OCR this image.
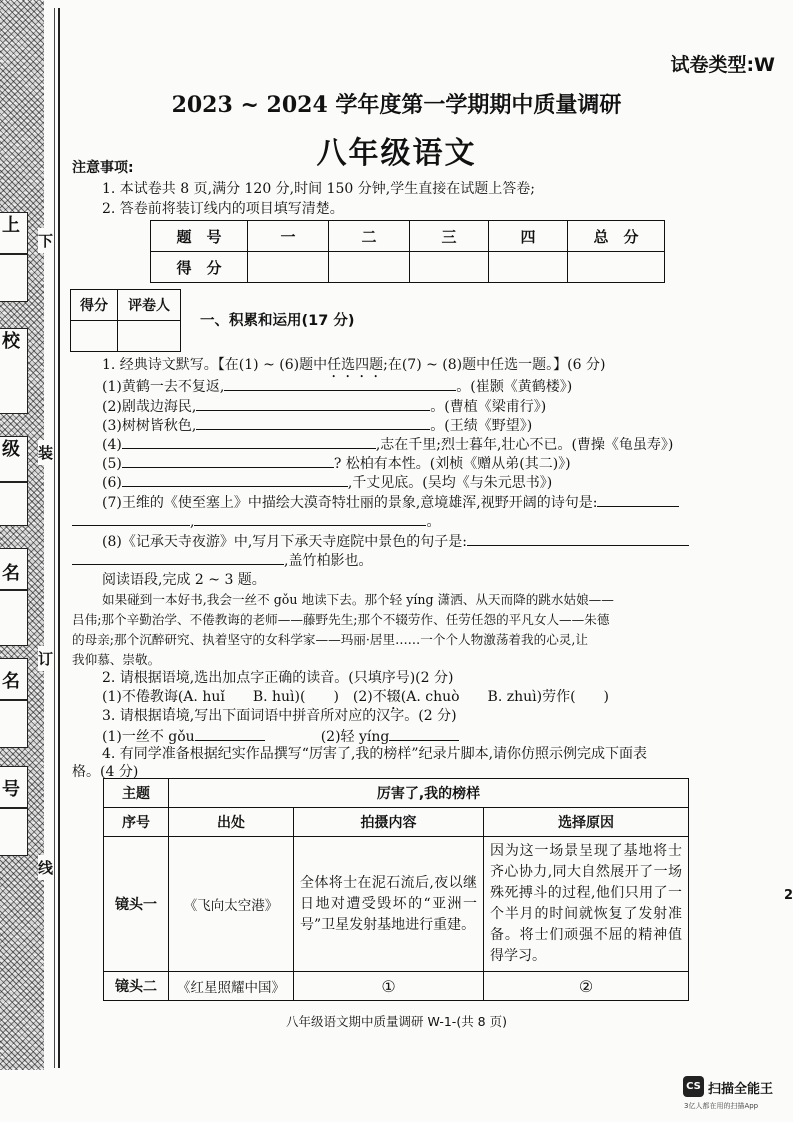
上
校
级
名
名
号
下
装
订
线
试卷类型:W
2023 ~ 2024 学年度第一学期期中质量调研
八年级语文
注意事项:
1. 本试卷共 8 页,满分 120 分,时间 150 分钟,学生直接在试题上答卷;
2. 答卷前将装订线内的项目填写清楚。
题　号	一	二	三	四	总　分
得　分					
得分	评卷人

一、积累和运用(17 分)
1. 经典诗文默写。【在(1) ~ (6)题中任选四题;在(7) ~ (8)题中任选一题。】(6 分)
(1)黄鹤一去不复返,	。(崔颢《黄鹤楼》)
(2)剧哉边海民,	。(曹植《梁甫行》)
(3)树树皆秋色,	。(王绩《野望》)
(4)	,志在千里;烈士暮年,壮心不已。(曹操《龟虽寿》)
(5)	? 松柏有本性。(刘桢《赠从弟(其二)》)
(6)	,千丈见底。(吴均《与朱元思书》)
(7)王维的《使至塞上》中描绘大漠奇特壮丽的景象,意境雄浑,视野开阔的诗句是:
,	。
(8)《记承天寺夜游》中,写月下承天寺庭院中景色的句子是:
,盖竹柏影也。
阅读语段,完成 2 ~ 3 题。
如果碰到一本好书,我会一丝不 gǒu 地读下去。那个轻 yíng 潇洒、从天而降的跳水姑娘——
吕伟;那个辛勤治学、不倦教诲的老师——藤野先生;那个不辍劳作、任劳任怨的平凡女人——朱德
的母亲;那个沉醉研究、执着坚守的女科学家——玛丽·居里……一个个人物激荡着我的心灵,让
我仰慕、崇敬。
2. 请根据语境,选出加点字正确的读音。(只填序号)(2 分)
(1)不倦教诲(A. huǐ　　B. huì)(　　)　 (2)不辍(A. chuò　　B. zhuì)劳作(　　)
3. 请根据语境,写出下面词语中拼音所对应的汉字。(2 分)
(1)一丝不 gǒu　　　　	(2)轻 yíng
4. 有同学准备根据纪实作品撰写“厉害了,我的榜样”纪录片脚本,请你仿照示例完成下面表
格。(4 分)
主题	厉害了,我的榜样		
序号	出处	拍摄内容	选择原因
镜头一	《飞向太空港》	全体将士在泥石流后,夜以继日地对遭受毁坏的“亚洲一号”卫星发射基地进行重建。	因为这一场景呈现了基地将士齐心协力,同大自然展开了一场殊死搏斗的过程,他们只用了一个半月的时间就恢复了发射准备。将士们顽强不屈的精神值得学习。
镜头二	《红星照耀中国》	①	②
2
八年级语文期中质量调研 W-1-(共 8 页)
CS 扫描全能王
3亿人都在用的扫描App
